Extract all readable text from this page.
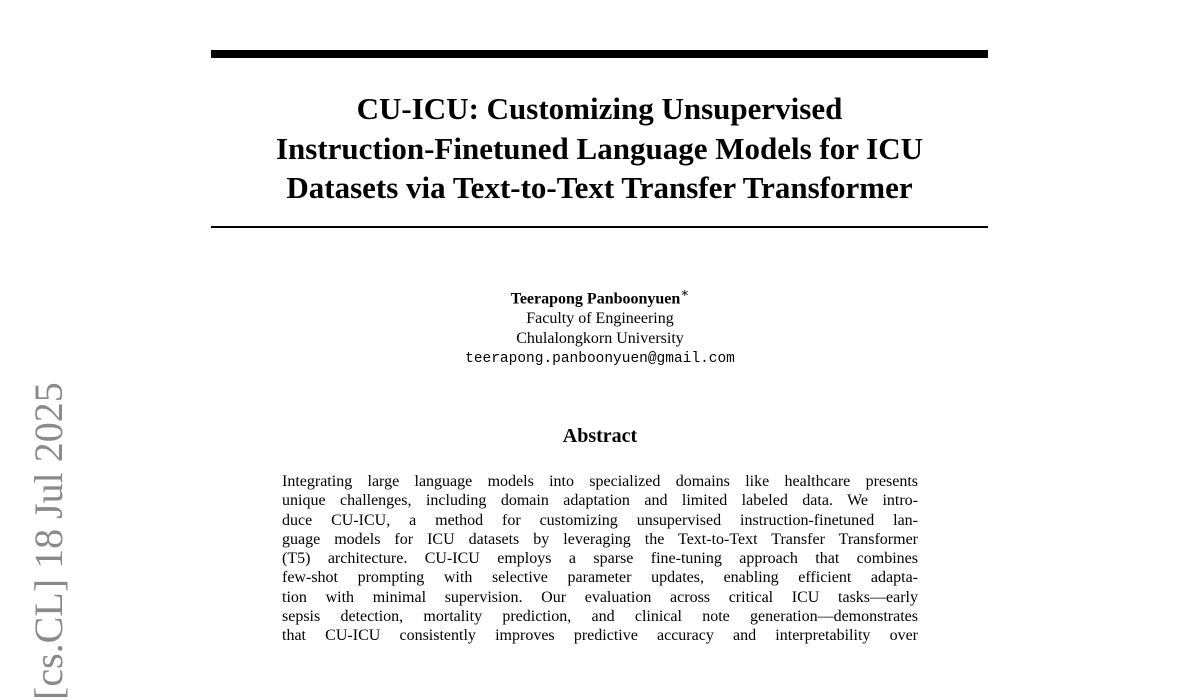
CU-ICU: Customizing Unsupervised
Instruction-Finetuned Language Models for ICU
Datasets via Text-to-Text Transfer Transformer
Teerapong Panboonyuen∗
Faculty of Engineering
Chulalongkorn University
teerapong.panboonyuen@gmail.com
Abstract
Integrating large language models into specialized domains like healthcare presents
unique challenges, including domain adaptation and limited labeled data. We intro-
duce CU-ICU, a method for customizing unsupervised instruction-finetuned lan-
guage models for ICU datasets by leveraging the Text-to-Text Transfer Transformer
(T5) architecture. CU-ICU employs a sparse fine-tuning approach that combines
few-shot prompting with selective parameter updates, enabling efficient adapta-
tion with minimal supervision. Our evaluation across critical ICU tasks—early
sepsis detection, mortality prediction, and clinical note generation—demonstrates
that CU-ICU consistently improves predictive accuracy and interpretability over
[cs.CL] 18 Jul 2025
